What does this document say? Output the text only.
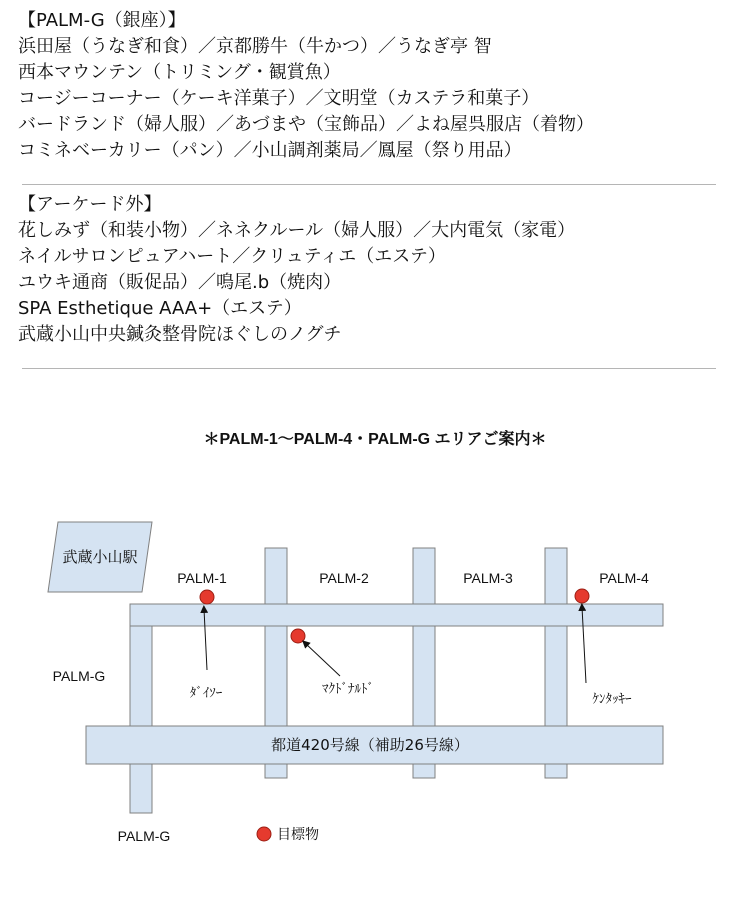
【PALM-G（銀座）】
浜田屋（うなぎ和食）／京都勝牛（牛かつ）／うなぎ亭 智
西本マウンテン（トリミング・観賞魚）
コージーコーナー（ケーキ洋菓子）／文明堂（カステラ和菓子）
バードランド（婦人服）／あづまや（宝飾品）／よね屋呉服店（着物）
コミネベーカリー（パン）／小山調剤薬局／鳳屋（祭り用品）
【アーケード外】
花しみず（和装小物）／ネネクルール（婦人服）／大内電気（家電）
ネイルサロンピュアハート／クリュティエ（エステ）
ユウキ通商（販促品）／鳴尾.b（焼肉）
SPA Esthetique AAA+（エステ）
武蔵小山中央鍼灸整骨院ほぐしのノグチ
＊PALM-1〜PALM-4・PALM-G エリアご案内＊
武蔵小山駅
都道420号線（補助26号線）
PALM-1	PALM-2	PALM-3	PALM-4
PALM-G
PALM-G
ﾀﾞｲｿｰ	ﾏｸﾄﾞﾅﾙﾄﾞ
ｹﾝﾀｯｷｰ
目標物
